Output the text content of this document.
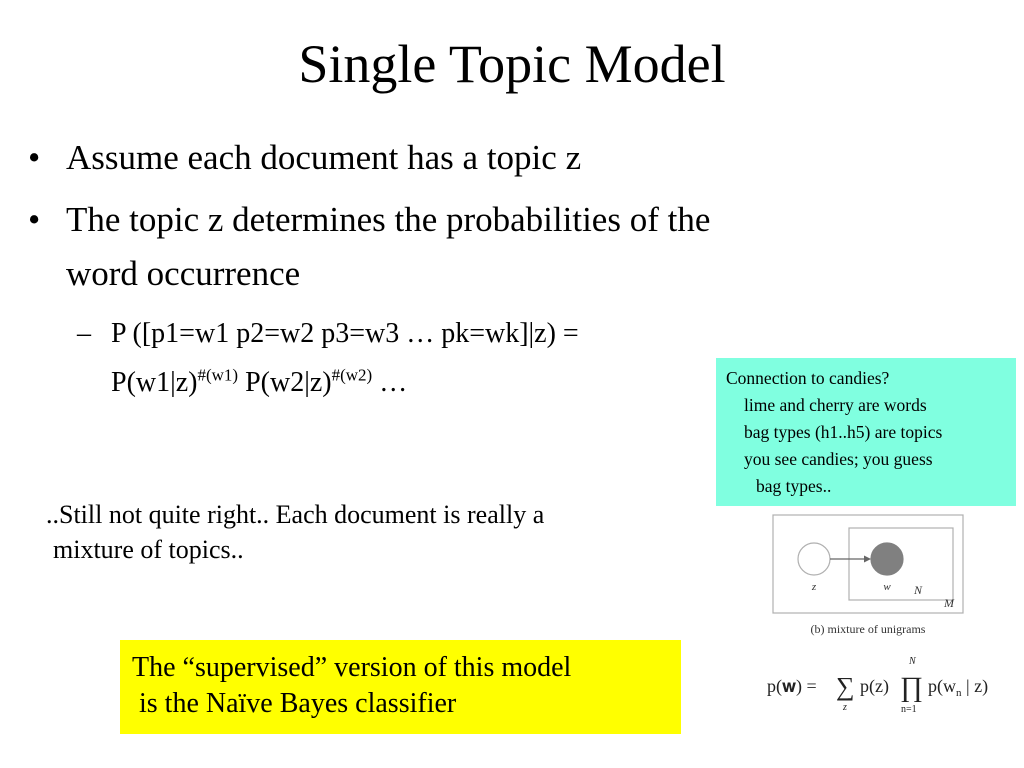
Single Topic Model
• Assume each document has a topic z
• The topic z determines the probabilities of the
word occurrence
– P ([p1=w1 p2=w2 p3=w3 … pk=wk]|z) =
$P(w1|z)^{\#(w1)}$ $P(w2|z)^{\#(w2)}$ …	Connection to candies?
lime and cherry are words
bag types (h1..h5) are topics
you see candies; you guess
bag types..
..Still not quite right.. Each document is really a
mixture of topics..
The “supervised” version of this model
is the Naïve Bayes classifier
z	w N
M
(b) mixture of unigrams
p(𝐰) = ∑
z
p(z) ∏
N
n=1
$p(w_n$ | z)
